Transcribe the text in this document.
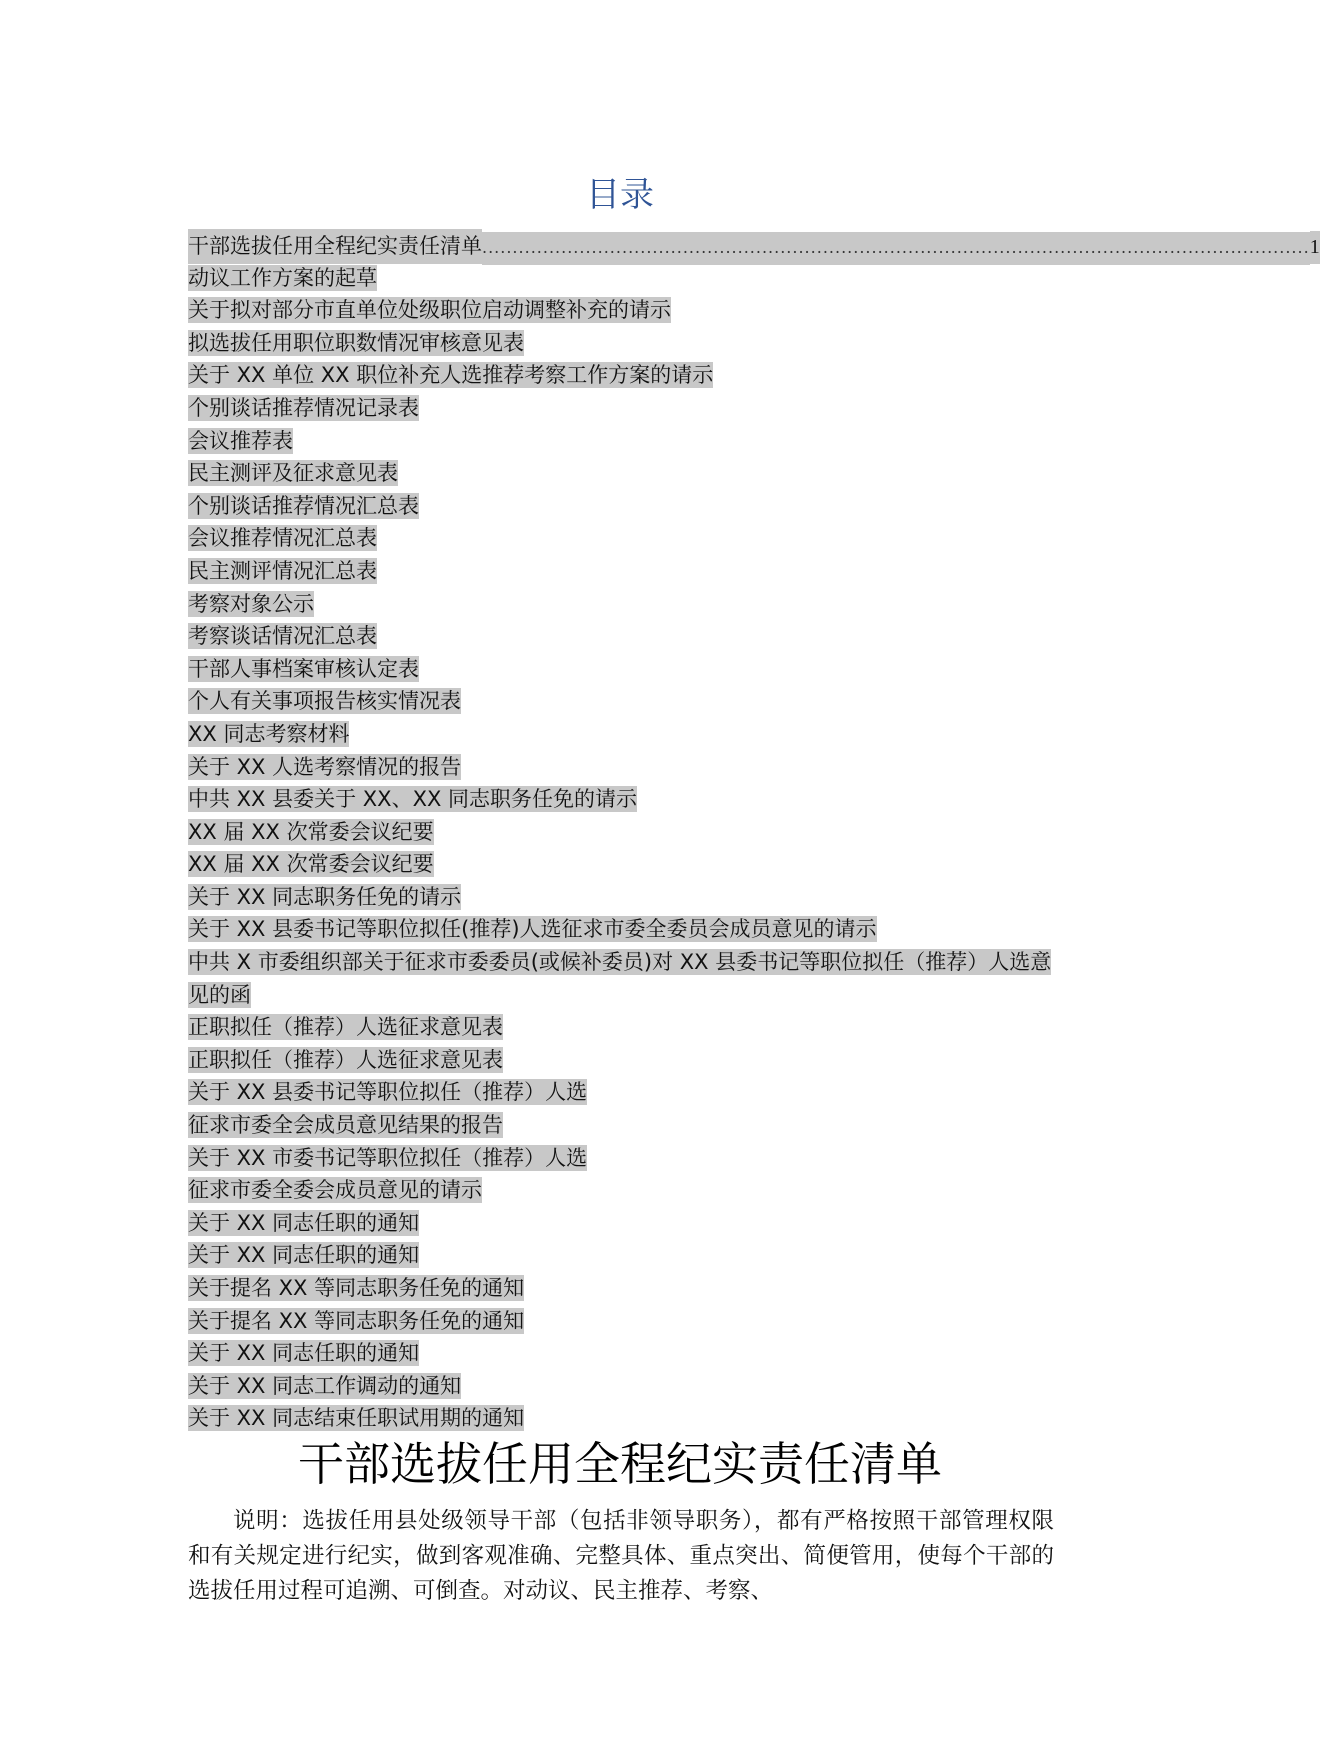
目录
干部选拔任用全程纪实责任清单 ........................................................................................................................................ 1
动议工作方案的起草
关于拟对部分市直单位处级职位启动调整补充的请示
拟选拔任用职位职数情况审核意见表
关于 XX 单位 XX 职位补充人选推荐考察工作方案的请示
个别谈话推荐情况记录表
会议推荐表
民主测评及征求意见表
个别谈话推荐情况汇总表
会议推荐情况汇总表
民主测评情况汇总表
考察对象公示
考察谈话情况汇总表
干部人事档案审核认定表
个人有关事项报告核实情况表
XX 同志考察材料
关于 XX 人选考察情况的报告
中共 XX 县委关于 XX、XX 同志职务任免的请示
XX 届 XX 次常委会议纪要
XX 届 XX 次常委会议纪要
关于 XX 同志职务任免的请示
关于 XX 县委书记等职位拟任(推荐)人选征求市委全委员会成员意见的请示
中共 X 市委组织部关于征求市委委员(或候补委员)对 XX 县委书记等职位拟任（推荐）人选意见的函
正职拟任（推荐）人选征求意见表
正职拟任（推荐）人选征求意见表
关于 XX 县委书记等职位拟任（推荐）人选
征求市委全会成员意见结果的报告
关于 XX 市委书记等职位拟任（推荐）人选
征求市委全委会成员意见的请示
关于 XX 同志任职的通知
关于 XX 同志任职的通知
关于提名 XX 等同志职务任免的通知
关于提名 XX 等同志职务任免的通知
关于 XX 同志任职的通知
关于 XX 同志工作调动的通知
关于 XX 同志结束任职试用期的通知
干部选拔任用全程纪实责任清单

说明：选拔任用县处级领导干部（包括非领导职务），都有严格按照干部管理权限和有关规定进行纪实，做到客观准确、完整具体、重点突出、简便管用，使每个干部的选拔任用过程可追溯、可倒查。对动议、民主推荐、考察、
